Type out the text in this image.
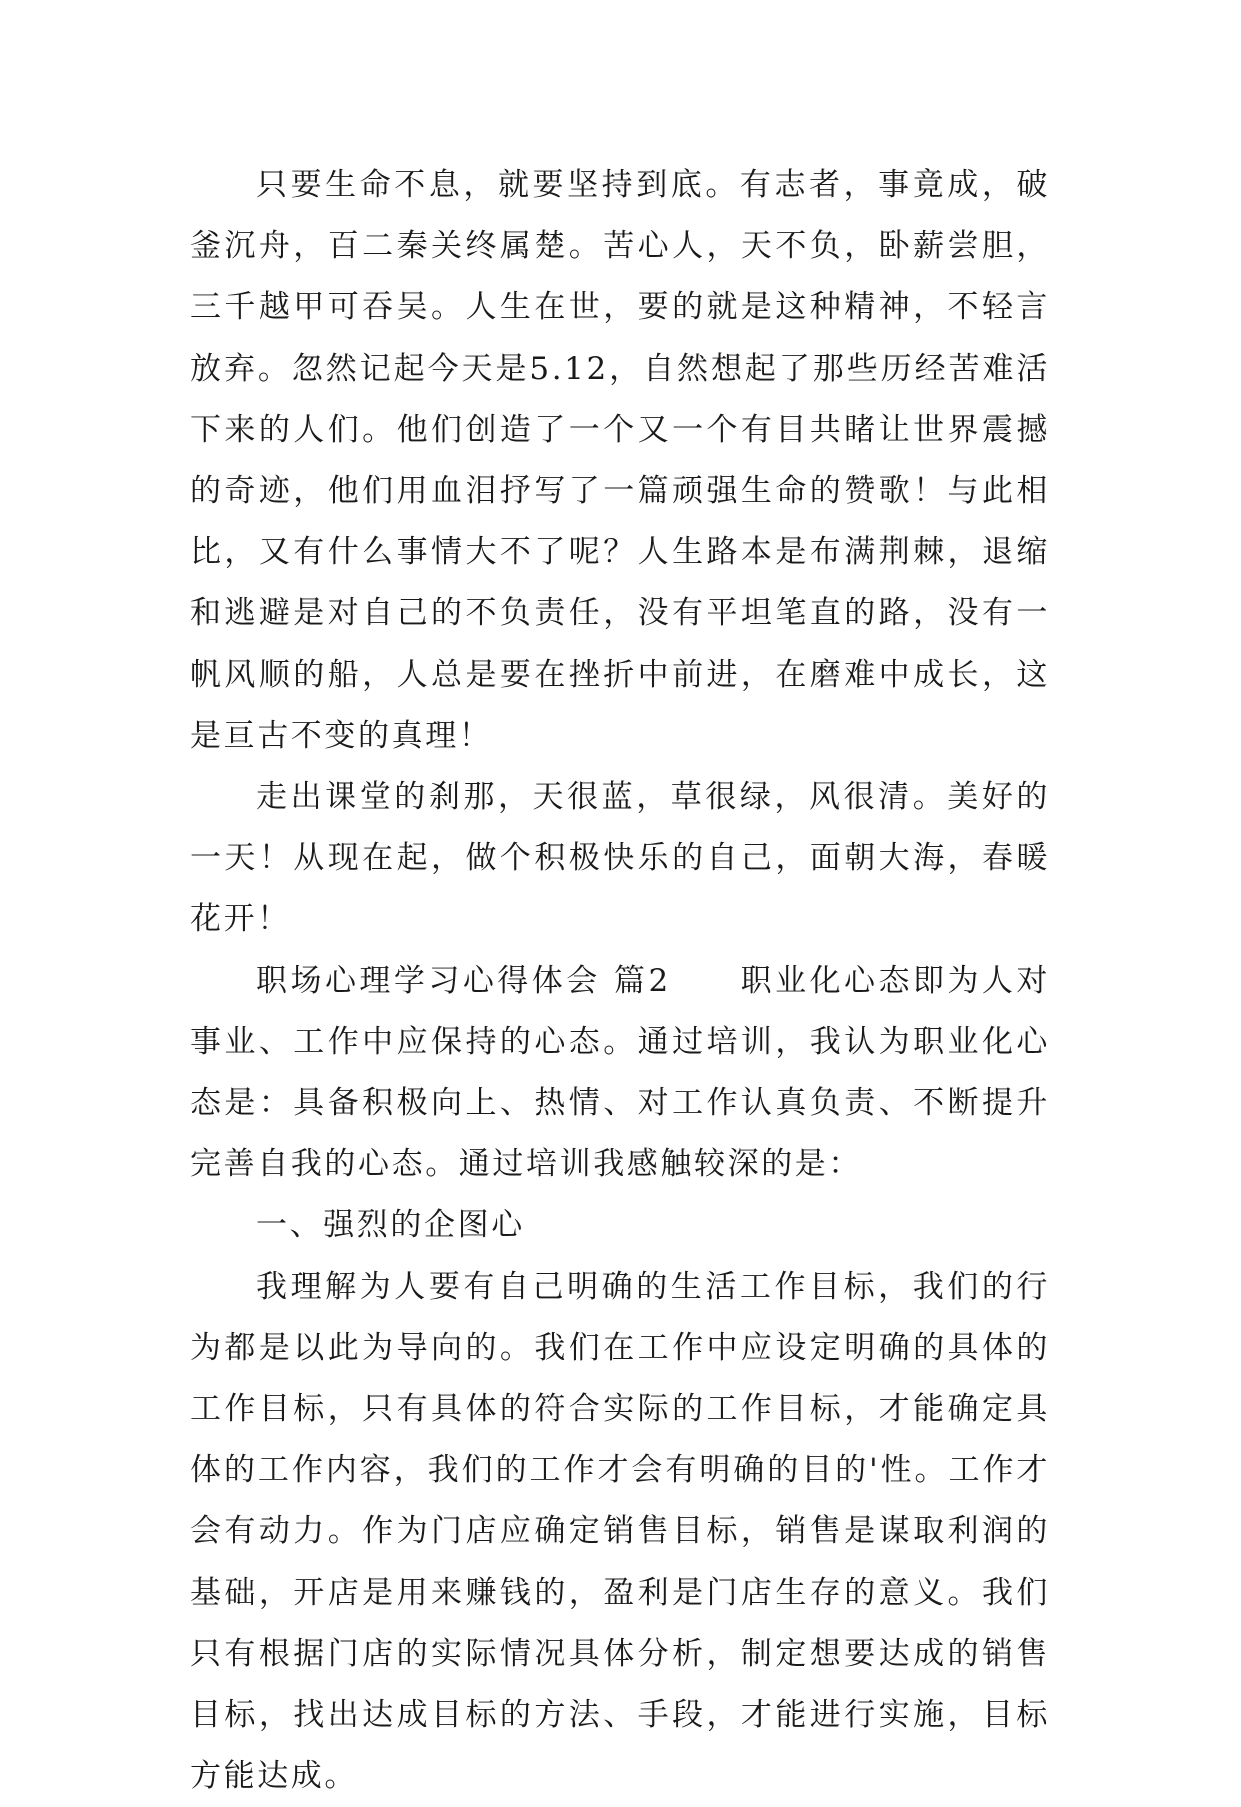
只要生命不息，就要坚持到底。有志者，事竟成，破釜沉舟，百二秦关终属楚。苦心人，天不负，卧薪尝胆，三千越甲可吞吴。人生在世，要的就是这种精神，不轻言放弃。忽然记起今天是5.12，自然想起了那些历经苦难活下来的人们。他们创造了一个又一个有目共睹让世界震撼的奇迹，他们用血泪抒写了一篇顽强生命的赞歌！与此相比，又有什么事情大不了呢？人生路本是布满荆棘，退缩和逃避是对自己的不负责任，没有平坦笔直的路，没有一帆风顺的船，人总是要在挫折中前进，在磨难中成长，这是亘古不变的真理！

走出课堂的刹那，天很蓝，草很绿，风很清。美好的一天！从现在起，做个积极快乐的自己，面朝大海，春暖花开！

职场心理学习心得体会 篇2　　职业化心态即为人对事业、工作中应保持的心态。通过培训，我认为职业化心态是：具备积极向上、热情、对工作认真负责、不断提升完善自我的心态。通过培训我感触较深的是：

一、强烈的企图心

我理解为人要有自己明确的生活工作目标，我们的行为都是以此为导向的。我们在工作中应设定明确的具体的工作目标，只有具体的符合实际的工作目标，才能确定具体的工作内容，我们的工作才会有明确的目的'性。工作才会有动力。作为门店应确定销售目标，销售是谋取利润的基础，开店是用来赚钱的，盈利是门店生存的意义。我们只有根据门店的实际情况具体分析，制定想要达成的销售目标，找出达成目标的方法、手段，才能进行实施，目标方能达成。
